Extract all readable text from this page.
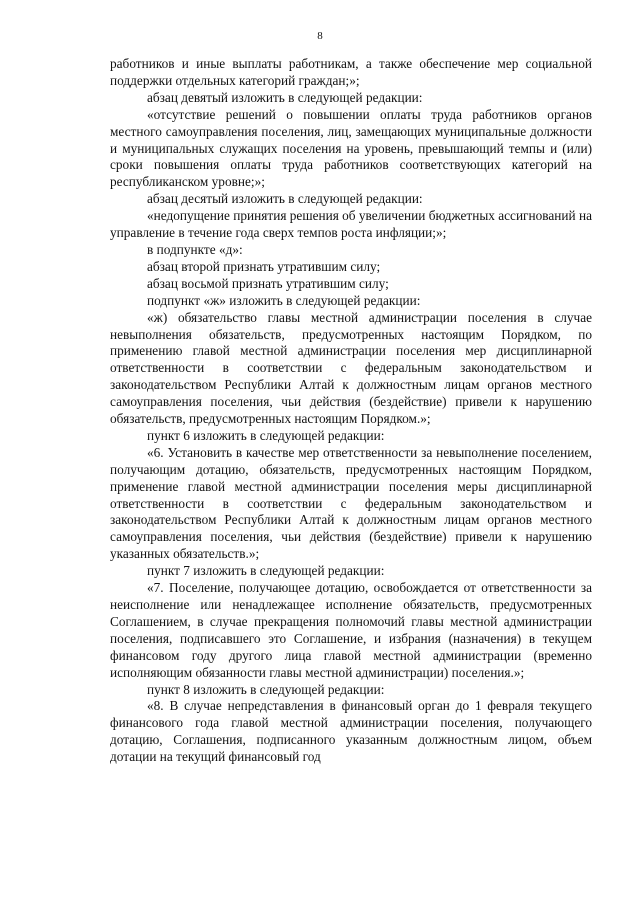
8

работников и иные выплаты работникам, а также обеспечение мер социальной поддержки отдельных категорий граждан;»;

абзац девятый изложить в следующей редакции:

«отсутствие решений о повышении оплаты труда работников органов местного самоуправления поселения, лиц, замещающих муниципальные должности и муниципальных служащих поселения на уровень, превышающий темпы и (или) сроки повышения оплаты труда работников соответствующих категорий на республиканском уровне;»;

абзац десятый изложить в следующей редакции:

«недопущение принятия решения об увеличении бюджетных ассигнований на управление в течение года сверх темпов роста инфляции;»;

в подпункте «д»:

абзац второй признать утратившим силу;

абзац восьмой признать утратившим силу;

подпункт «ж» изложить в следующей редакции:

«ж) обязательство главы местной администрации поселения в случае невыполнения обязательств, предусмотренных настоящим Порядком, по применению главой местной администрации поселения мер дисциплинарной ответственности в соответствии с федеральным законодательством и законодательством Республики Алтай к должностным лицам органов местного самоуправления поселения, чьи действия (бездействие) привели к нарушению обязательств, предусмотренных настоящим Порядком.»;

пункт 6 изложить в следующей редакции:

«6. Установить в качестве мер ответственности за невыполнение поселением, получающим дотацию, обязательств, предусмотренных настоящим Порядком, применение главой местной администрации поселения меры дисциплинарной ответственности в соответствии с федеральным законодательством и законодательством Республики Алтай к должностным лицам органов местного самоуправления поселения, чьи действия (бездействие) привели к нарушению указанных обязательств.»;

пункт 7 изложить в следующей редакции:

«7. Поселение, получающее дотацию, освобождается от ответственности за неисполнение или ненадлежащее исполнение обязательств, предусмотренных Соглашением, в случае прекращения полномочий главы местной администрации поселения, подписавшего это Соглашение, и избрания (назначения) в текущем финансовом году другого лица главой местной администрации (временно исполняющим обязанности главы местной администрации) поселения.»;

пункт 8 изложить в следующей редакции:

«8. В случае непредставления в финансовый орган до 1 февраля текущего финансового года главой местной администрации поселения, получающего дотацию, Соглашения, подписанного указанным должностным лицом, объем дотации на текущий финансовый год
